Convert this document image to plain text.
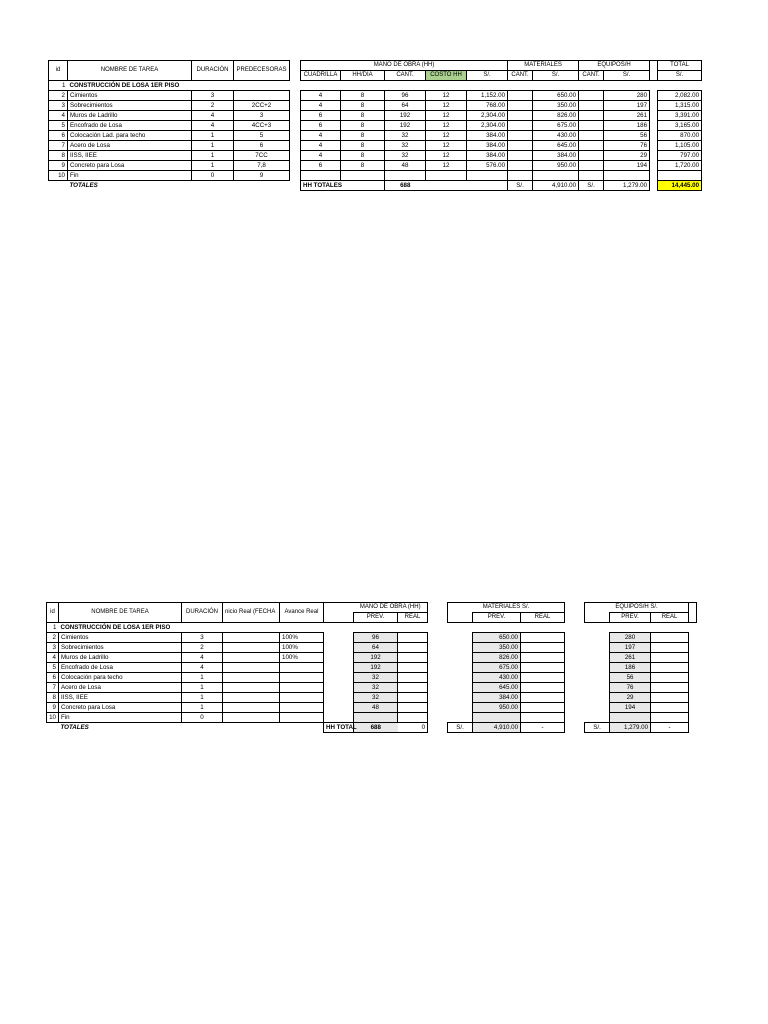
id	NOMBRE DE TAREA	DURACIÓN	PREDECESORAS		MANO DE OBRA (HH)					MATERIALES		EQUIPOS/H			TOTAL
					CUADRILLA	HH/DIA	CANT.	COSTO HH	S/.	CANT.	S/.	CANT.	S/.		S/.
1	CONSTRUCCIÓN DE LOSA 1ER PISO														
2	Cimientos	3			4	8	96	12	1,152.00		650.00		280		2,082.00
3	Sobrecimientos	2	2CC+2		4	8	64	12	768.00		350.00		197		1,315.00
4	Muros de Ladrillo	4	3		6	8	192	12	2,304.00		826.00		261		3,391.00
5	Encofrado de Losa	4	4CC+3		6	8	192	12	2,304.00		675.00		186		3,165.00
6	Colocación Lad. para techo	1	5		4	8	32	12	384.00		430.00		56		870.00
7	Acero de Losa	1	6		4	8	32	12	384.00		645.00		76		1,105.00
8	IISS, IIEE	1	7CC		4	8	32	12	384.00		384.00		29		797.00
9	Concreto para Losa	1	7,8		6	8	48	12	576.00		950.00		194		1,720.00
10	Fin	0	9												
	TOTALES				HH TOTALES		688			S/.	4,910.00	S/.	1,279.00		14,445.00
id	NOMBRE DE TAREA	DURACIÓN	nicio Real (FECHA	Avance Real		MANO DE OBRA (HH)			MATERIALES S/.				EQUIPOS/H S/.			
						PREV.	REAL			PREV.	REAL			PREV.	REAL	
1	CONSTRUCCIÓN DE LOSA 1ER PISO															
2	Cimientos	3		100%		96				650.00				280		
3	Sobrecimientos	2		100%		64				350.00				197		
4	Muros de Ladrillo	4		100%		192				826.00				261		
5	Encofrado de Losa	4				192				675.00				186		
6	Colocación para techo	1				32				430.00				56		
7	Acero de Losa	1				32				645.00				76		
8	IISS, IIEE	1				32				384.00				29		
9	Concreto para Losa	1				48				950.00				194		
10	Fin	0														
	TOTALES				HH TOTAL	688	0		S/.	4,910.00	-		S/.	1,279.00	-	
